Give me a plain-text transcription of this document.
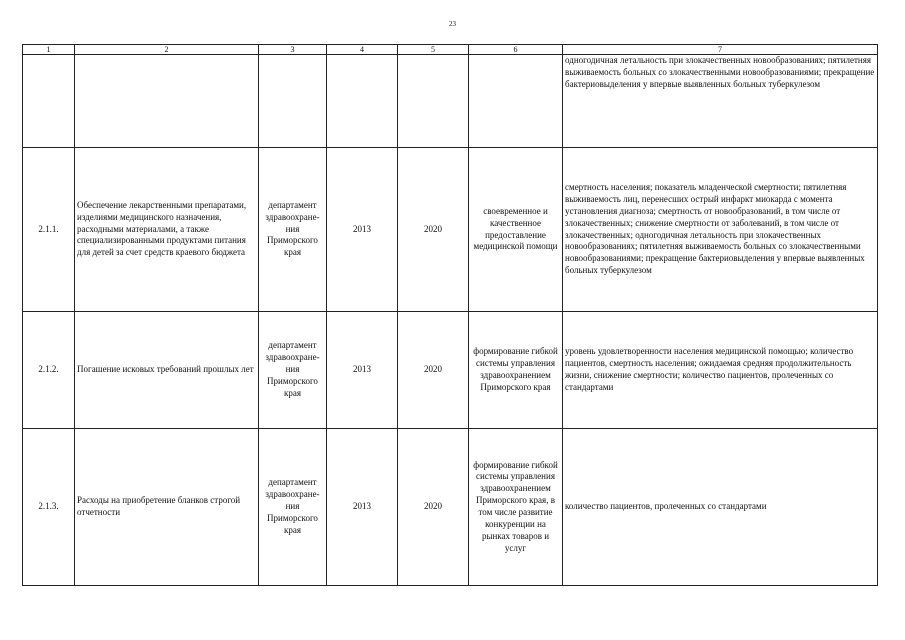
23
1	2	3	4	5	6	7
						одногодичная летальность при злокачественных новообразованиях; пятилетняя выживаемость больных со злокачественными новообразованиями; прекращение бактериовыделения у впервые выявленных больных туберкулезом
2.1.1.	Обеспечение лекарственными препаратами, изделиями медицинского назначения, расходными материалами, а также специализированными продуктами питания для детей за счет средств краевого бюджета	департамент здравоохране-ния Приморского края	2013	2020	своевременное и качественное предоставление медицинской помощи	смертность населения; показатель младенческой смертности; пятилетняя выживаемость лиц, перенесших острый инфаркт миокарда с момента установления диагноза; смертность от новообразований, в том числе от злокачественных; снижение смертности от заболеваний, в том числе от злокачественных; одногодичная летальность при злокачественных новообразованиях; пятилетняя выживаемость больных со злокачественными новообразованиями; прекращение бактериовыделения у впервые выявленных больных туберкулезом
2.1.2.	Погашение исковых требований прошлых лет	департамент здравоохране-ния Приморского края	2013	2020	формирование гибкой системы управления здравоохранением Приморского края	уровень удовлетворенности населения медицинской помощью; количество пациентов, смертность населения; ожидаемая средняя продолжительность жизни, снижение смертности; количество пациентов, пролеченных со стандартами
2.1.3.	Расходы на приобретение бланков строгой отчетности	департамент здравоохране-ния Приморского края	2013	2020	формирование гибкой системы управления здравоохранением Приморского края, в том числе развитие конкуренции на рынках товаров и услуг	количество пациентов, пролеченных со стандартами
